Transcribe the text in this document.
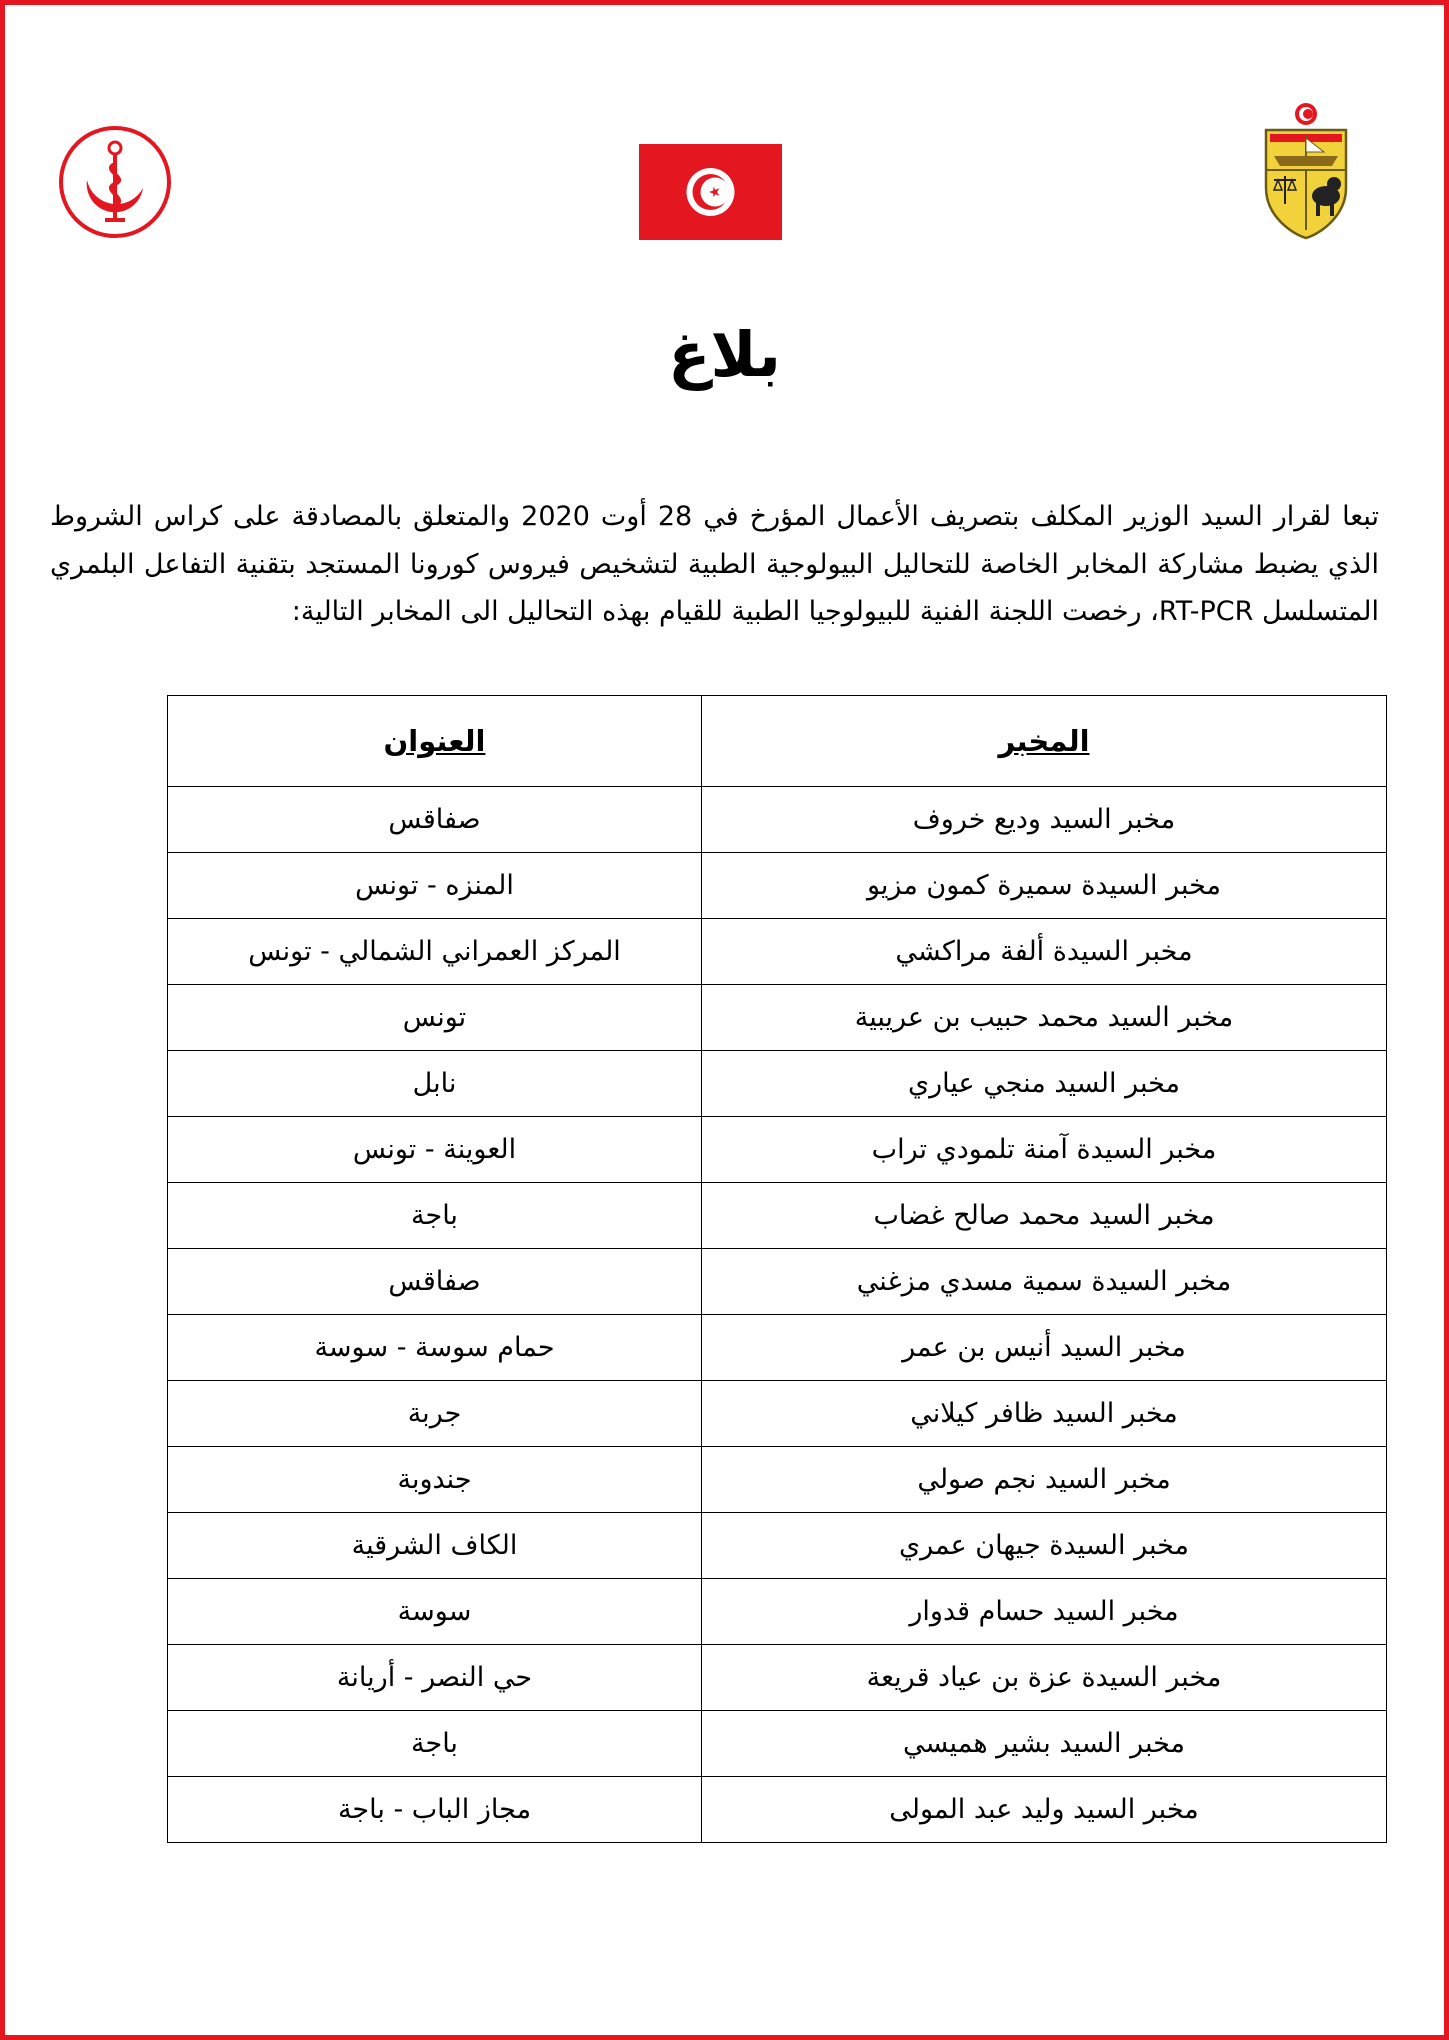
بلاغ

تبعا لقرار السيد الوزير المكلف بتصريف الأعمال المؤرخ في 28 أوت 2020 والمتعلق بالمصادقة على كراس الشروط الذي يضبط مشاركة المخابر الخاصة للتحاليل البيولوجية الطبية لتشخيص فيروس كورونا المستجد بتقنية التفاعل البلمري المتسلسل RT-PCR، رخصت اللجنة الفنية للبيولوجيا الطبية للقيام بهذه التحاليل الى المخابر التالية:

المخبر	العنوان
مخبر السيد وديع خروف	صفاقس
مخبر السيدة سميرة كمون مزيو	المنزه - تونس
مخبر السيدة ألفة مراكشي	المركز العمراني الشمالي - تونس
مخبر السيد محمد حبيب بن عريبية	تونس
مخبر السيد منجي عياري	نابل
مخبر السيدة آمنة تلمودي تراب	العوينة - تونس
مخبر السيد محمد صالح غضاب	باجة
مخبر السيدة سمية مسدي مزغني	صفاقس
مخبر السيد أنيس بن عمر	حمام سوسة - سوسة
مخبر السيد ظافر كيلاني	جربة
مخبر السيد نجم صولي	جندوبة
مخبر السيدة جيهان عمري	الكاف الشرقية
مخبر السيد حسام قدوار	سوسة
مخبر السيدة عزة بن عياد قريعة	حي النصر - أريانة
مخبر السيد بشير هميسي	باجة
مخبر السيد وليد عبد المولى	مجاز الباب - باجة
